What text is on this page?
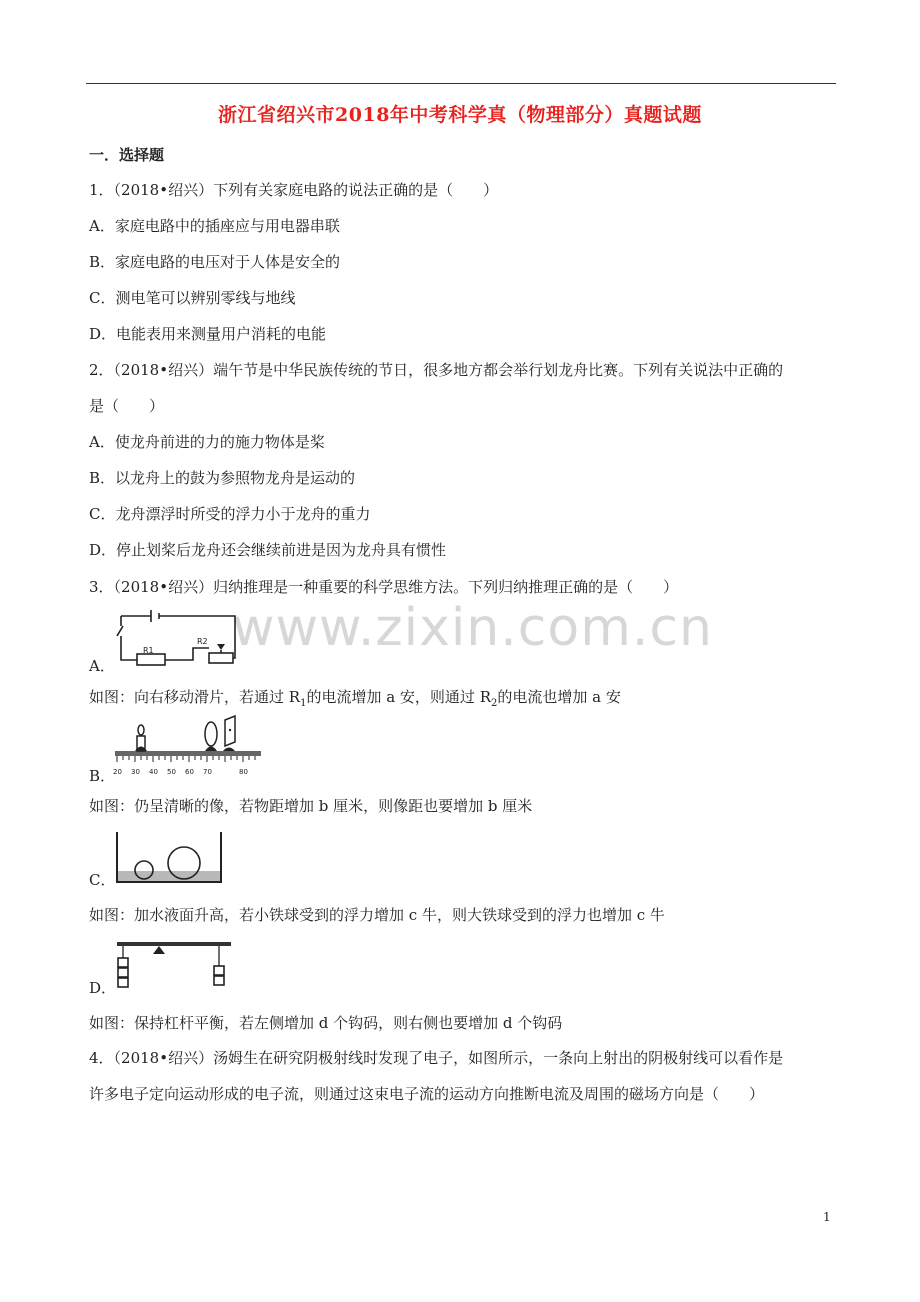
浙江省绍兴市2018年中考科学真（物理部分）真题试题
一．选择题
1．（2018•绍兴）下列有关家庭电路的说法正确的是（　　）
A．家庭电路中的插座应与用电器串联
B．家庭电路的电压对于人体是安全的
C．测电笔可以辨别零线与地线
D．电能表用来测量用户消耗的电能
2．（2018•绍兴）端午节是中华民族传统的节日，很多地方都会举行划龙舟比赛。下列有关说法中正确的
是（　　）
A．使龙舟前进的力的施力物体是桨
B．以龙舟上的鼓为参照物龙舟是运动的
C．龙舟漂浮时所受的浮力小于龙舟的重力
D．停止划桨后龙舟还会继续前进是因为龙舟具有惯性
3．（2018•绍兴）归纳推理是一种重要的科学思维方法。下列归纳推理正确的是（　　）
www.zixin.com.cn
R1
R2
A．
如图：向右移动滑片，若通过 $R_1$的电流增加 a 安，则通过 $R_2$的电流也增加 a 安
20 30 40 50 60 70	80
B．
如图：仍呈清晰的像，若物距增加 b 厘米，则像距也要增加 b 厘米
C．
如图：加水液面升高，若小铁球受到的浮力增加 c 牛，则大铁球受到的浮力也增加 c 牛
D．
如图：保持杠杆平衡，若左侧增加 d 个钩码，则右侧也要增加 d 个钩码
4．（2018•绍兴）汤姆生在研究阴极射线时发现了电子，如图所示，一条向上射出的阴极射线可以看作是
许多电子定向运动形成的电子流，则通过这束电子流的运动方向推断电流及周围的磁场方向是（　　）
1
